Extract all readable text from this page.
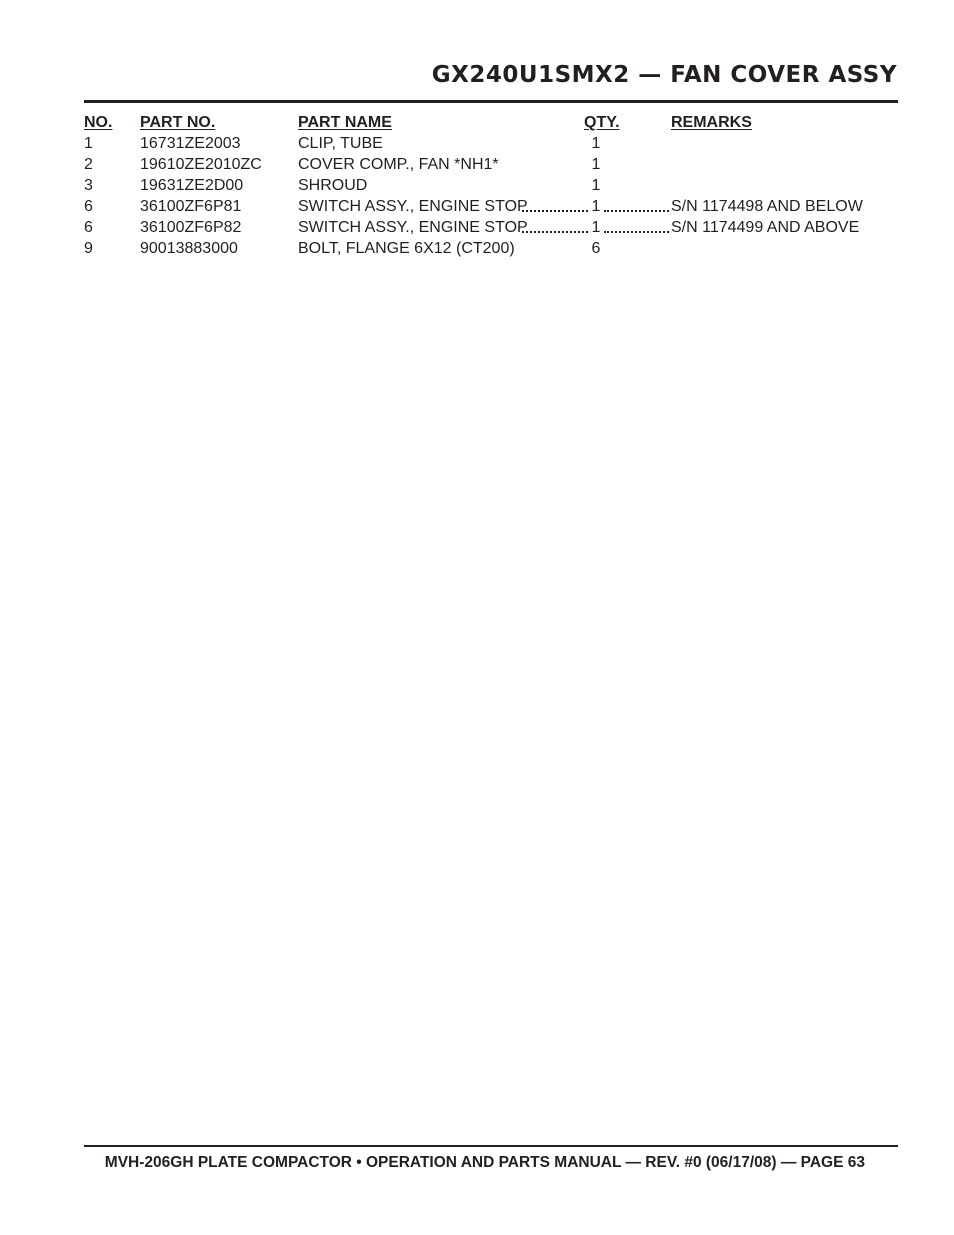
GX240U1SMX2 — FAN COVER ASSY
NO. PART NO.	PART NAME	QTY.	REMARKS
1	16731ZE2003	CLIP, TUBE	1
2	19610ZE2010ZC COVER COMP., FAN *NH1*	1
3	19631ZE2D00	SHROUD	1
6	36100ZF6P81	SWITCH ASSY., ENGINE STOP	1	S/N 1174498 AND BELOW
6	36100ZF6P82	SWITCH ASSY., ENGINE STOP	1	S/N 1174499 AND ABOVE
9	90013883000	BOLT, FLANGE 6X12 (CT200)	6
MVH-206GH PLATE COMPACTOR • OPERATION AND PARTS MANUAL — REV. #0 (06/17/08) — PAGE 63
